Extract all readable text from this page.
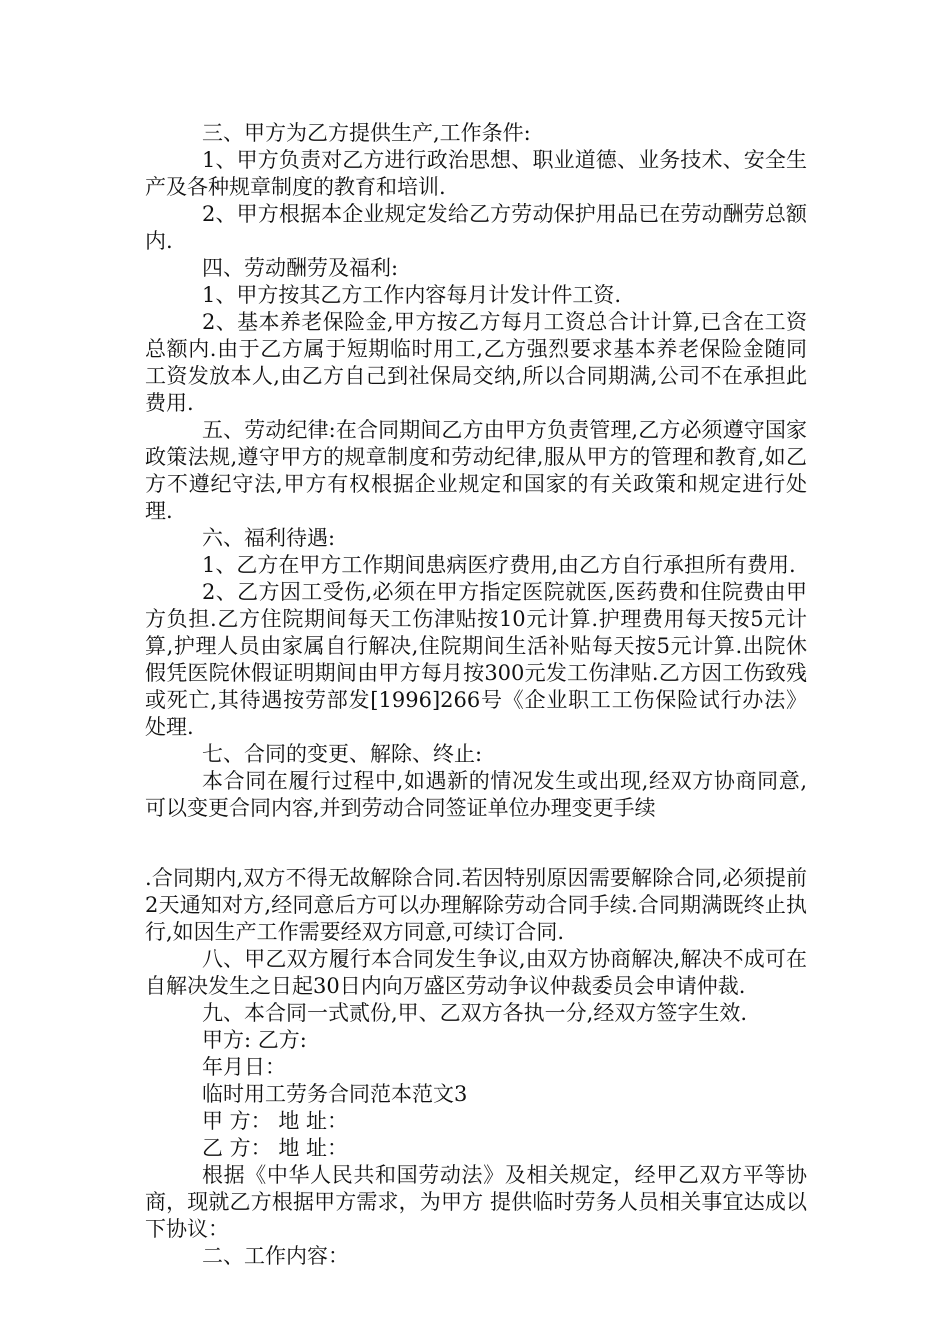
三、甲方为乙方提供生产,工作条件:

1、甲方负责对乙方进行政治思想、职业道德、业务技术、安全生产及各种规章制度的教育和培训.

2、甲方根据本企业规定发给乙方劳动保护用品已在劳动酬劳总额内.

四、劳动酬劳及福利:

1、甲方按其乙方工作内容每月计发计件工资.

2、基本养老保险金,甲方按乙方每月工资总合计计算,已含在工资总额内.由于乙方属于短期临时用工,乙方强烈要求基本养老保险金随同工资发放本人,由乙方自己到社保局交纳,所以合同期满,公司不在承担此费用.

五、劳动纪律:在合同期间乙方由甲方负责管理,乙方必须遵守国家政策法规,遵守甲方的规章制度和劳动纪律,服从甲方的管理和教育,如乙方不遵纪守法,甲方有权根据企业规定和国家的有关政策和规定进行处理.

六、福利待遇:

1、乙方在甲方工作期间患病医疗费用,由乙方自行承担所有费用.

2、乙方因工受伤,必须在甲方指定医院就医,医药费和住院费由甲方负担.乙方住院期间每天工伤津贴按10元计算.护理费用每天按5元计算,护理人员由家属自行解决,住院期间生活补贴每天按5元计算.出院休假凭医院休假证明期间由甲方每月按300元发工伤津贴.乙方因工伤致残或死亡,其待遇按劳部发[1996]266号《企业职工工伤保险试行办法》处理.

七、合同的变更、解除、终止:

本合同在履行过程中,如遇新的情况发生或出现,经双方协商同意,可以变更合同内容,并到劳动合同签证单位办理变更手续

.合同期内,双方不得无故解除合同.若因特别原因需要解除合同,必须提前2天通知对方,经同意后方可以办理解除劳动合同手续.合同期满既终止执行,如因生产工作需要经双方同意,可续订合同.

八、甲乙双方履行本合同发生争议,由双方协商解决,解决不成可在自解决发生之日起30日内向万盛区劳动争议仲裁委员会申请仲裁.

九、本合同一式贰份,甲、乙双方各执一分,经双方签字生效.

甲方: 乙方:

年月日：

临时用工劳务合同范本范文3

甲 方： 地 址：

乙 方： 地 址：

根据《中华人民共和国劳动法》及相关规定，经甲乙双方平等协商，现就乙方根据甲方需求，为甲方 提供临时劳务人员相关事宜达成以下协议：

二、工作内容：
